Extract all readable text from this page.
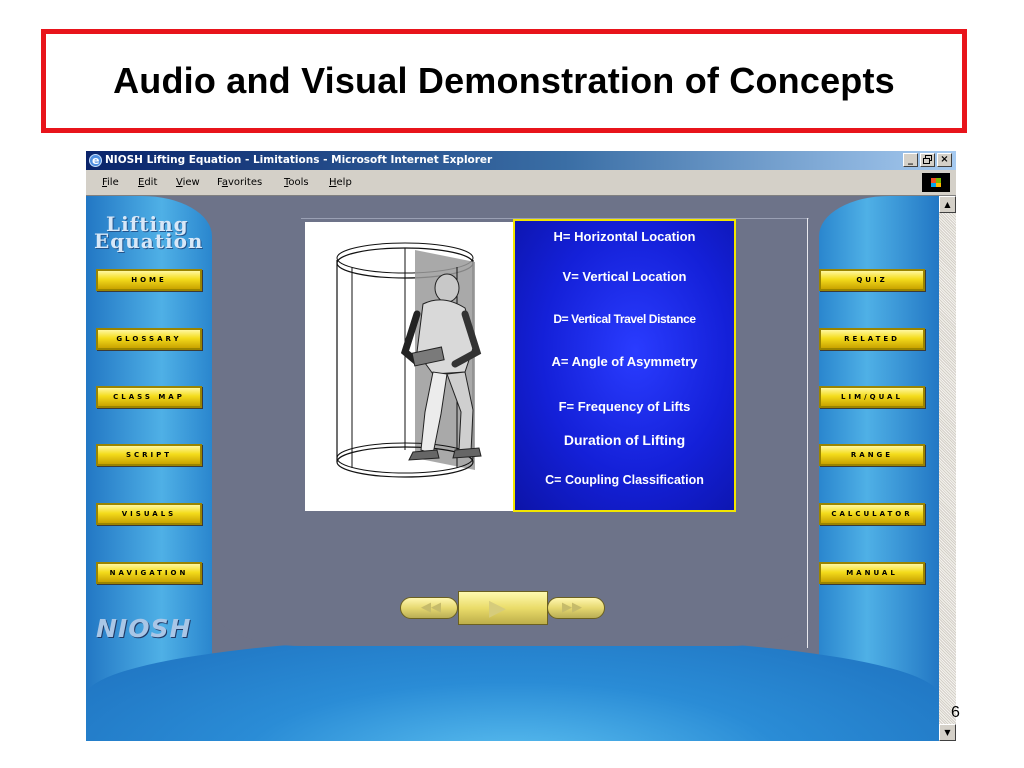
Audio and Visual Demonstration of Concepts
e
NIOSH Lifting Equation - Limitations - Microsoft Internet Explorer	_	×
File Edit View Favorites Tools Help
Lifting
Equation
HOME
GLOSSARY
CLASS MAP
SCRIPT
VISUALS
NAVIGATION
QUIZ
RELATED
LIM/QUAL
RANGE
CALCULATOR
MANUAL
NIOSH
H= Horizontal Location
V= Vertical Location
D= Vertical Travel Distance
A= Angle of Asymmetry
F= Frequency of Lifts
Duration of Lifting
C= Coupling Classification
◀◀ ▶	▶▶
▲
▼
6
